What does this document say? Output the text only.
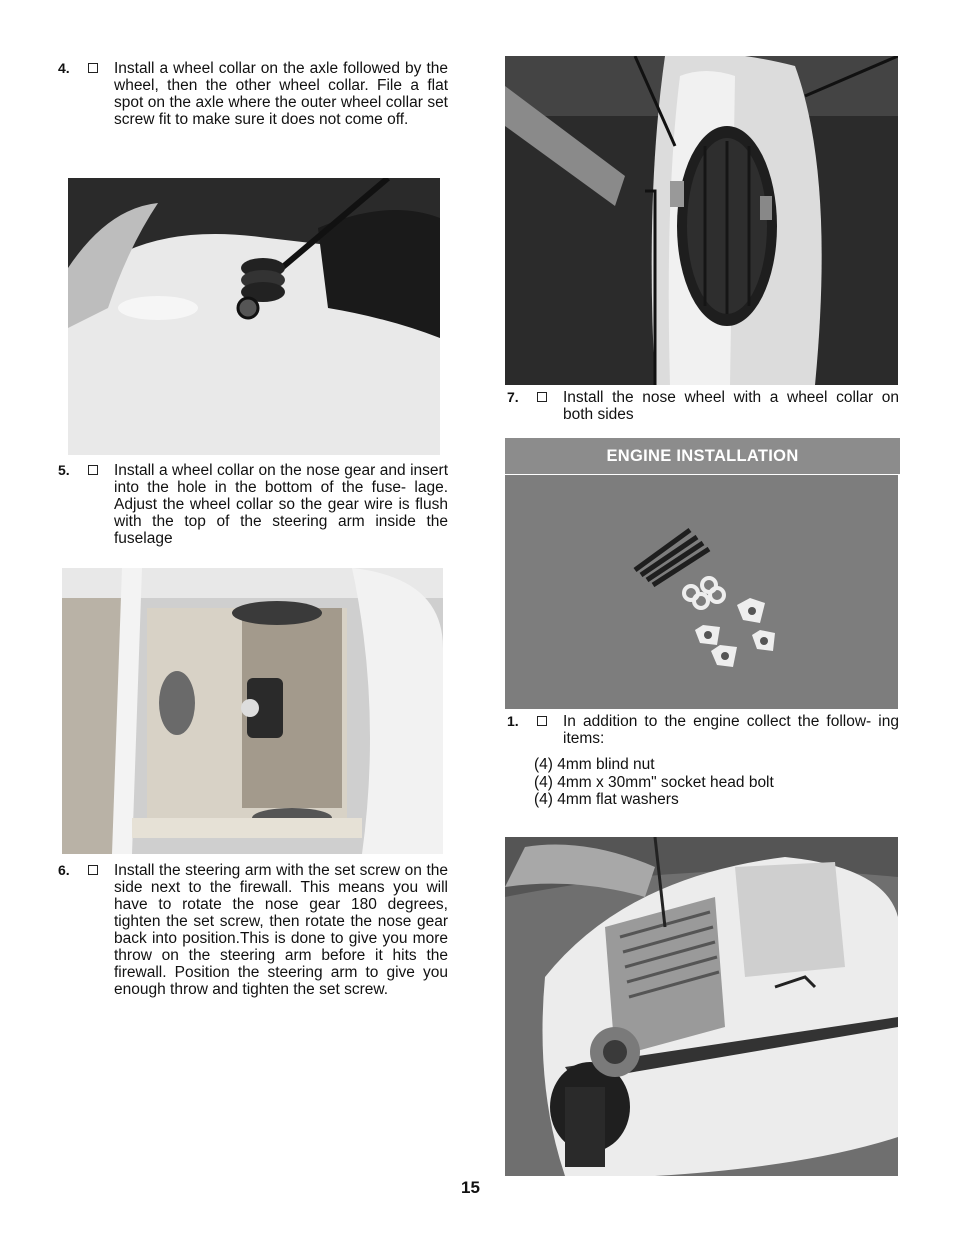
4.	Install a wheel collar on the axle followed by the wheel, then the other wheel collar. File a flat spot on the axle where the outer wheel collar set screw fit to make sure it does not come off.
5.	Install a wheel collar on the nose gear and insert into the hole in the bottom of the fuse- lage. Adjust the wheel collar so the gear wire is flush with the top of the steering arm inside the fuselage
6.	Install the steering arm with the set screw on the side next to the firewall. This means you will have to rotate the nose gear 180 degrees, tighten the set screw, then rotate the nose gear back into position.This is done to give you more throw on the steering arm before it hits the firewall. Position the steering arm to give you enough throw and tighten the set screw.
7.	Install the nose wheel with a wheel collar on both sides
ENGINE INSTALLATION
1.	In addition to the engine collect the follow- ing items:
(4) 4mm blind nut
(4) 4mm x 30mm" socket head bolt
(4) 4mm flat washers
15
